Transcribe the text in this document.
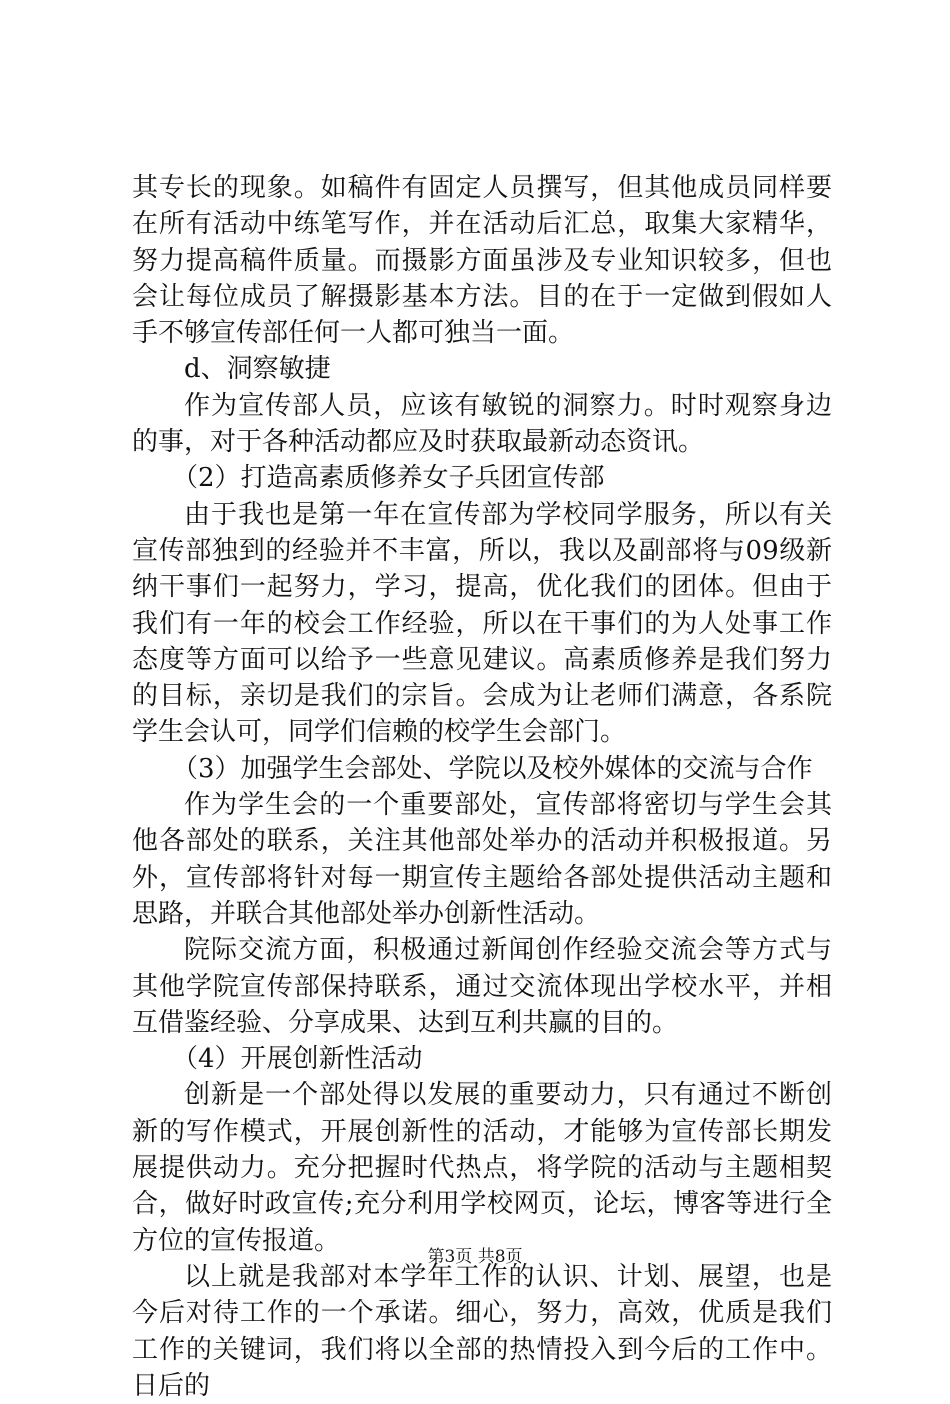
其专长的现象。如稿件有固定人员撰写，但其他成员同样要在所有活动中练笔写作，并在活动后汇总，取集大家精华，努力提高稿件质量。而摄影方面虽涉及专业知识较多，但也会让每位成员了解摄影基本方法。目的在于一定做到假如人手不够宣传部任何一人都可独当一面。

d、洞察敏捷

作为宣传部人员，应该有敏锐的洞察力。时时观察身边的事，对于各种活动都应及时获取最新动态资讯。

（2）打造高素质修养女子兵团宣传部

由于我也是第一年在宣传部为学校同学服务，所以有关宣传部独到的经验并不丰富，所以，我以及副部将与09级新纳干事们一起努力，学习，提高，优化我们的团体。但由于我们有一年的校会工作经验，所以在干事们的为人处事工作态度等方面可以给予一些意见建议。高素质修养是我们努力的目标，亲切是我们的宗旨。会成为让老师们满意，各系院学生会认可，同学们信赖的校学生会部门。

（3）加强学生会部处、学院以及校外媒体的交流与合作

作为学生会的一个重要部处，宣传部将密切与学生会其他各部处的联系，关注其他部处举办的活动并积极报道。另外，宣传部将针对每一期宣传主题给各部处提供活动主题和思路，并联合其他部处举办创新性活动。

院际交流方面，积极通过新闻创作经验交流会等方式与其他学院宣传部保持联系，通过交流体现出学校水平，并相互借鉴经验、分享成果、达到互利共赢的目的。

（4）开展创新性活动

创新是一个部处得以发展的重要动力，只有通过不断创新的写作模式，开展创新性的活动，才能够为宣传部长期发展提供动力。充分把握时代热点，将学院的活动与主题相契合，做好时政宣传;充分利用学校网页，论坛，博客等进行全方位的宣传报道。

以上就是我部对本学年工作的认识、计划、展望，也是今后对待工作的一个承诺。细心，努力，高效，优质是我们工作的关键词，我们将以全部的热情投入到今后的工作中。日后的

第3页 共8页
